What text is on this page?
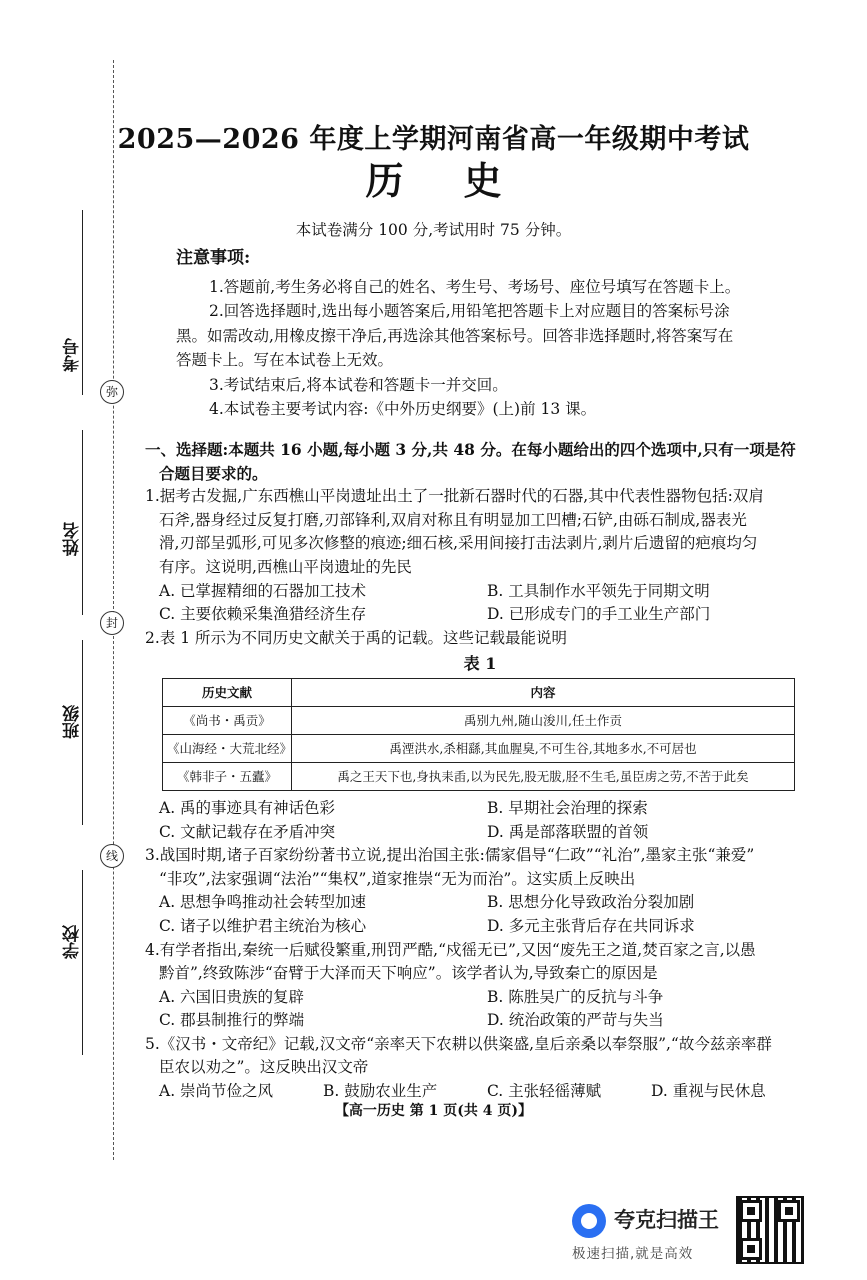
考号
弥
姓名
封
班级
线
学校
2025—2026 年度上学期河南省高一年级期中考试
历史
本试卷满分 100 分,考试用时 75 分钟。
注意事项:

1.答题前,考生务必将自己的姓名、考生号、考场号、座位号填写在答题卡上。

2.回答选择题时,选出每小题答案后,用铅笔把答题卡上对应题目的答案标号涂

黑。如需改动,用橡皮擦干净后,再选涂其他答案标号。回答非选择题时,将答案写在

答题卡上。写在本试卷上无效。

3.考试结束后,将本试卷和答题卡一并交回。

4.本试卷主要考试内容:《中外历史纲要》(上)前 13 课。

一、选择题:本题共 16 小题,每小题 3 分,共 48 分。在每小题给出的四个选项中,只有一项是符

合题目要求的。

1.据考古发掘,广东西樵山平岗遗址出土了一批新石器时代的石器,其中代表性器物包括:双肩

石斧,器身经过反复打磨,刃部锋利,双肩对称且有明显加工凹槽;石铲,由砾石制成,器表光

滑,刃部呈弧形,可见多次修整的痕迹;细石核,采用间接打击法剥片,剥片后遗留的疤痕均匀

有序。这说明,西樵山平岗遗址的先民

A. 已掌握精细的石器加工技术	B. 工具制作水平领先于同期文明
C. 主要依赖采集渔猎经济生存	D. 已形成专门的手工业生产部门

2.表 1 所示为不同历史文献关于禹的记载。这些记载最能说明

表 1
历史文献	内容
《尚书・禹贡》	禹别九州,随山浚川,任土作贡
《山海经・大荒北经》	禹湮洪水,杀相繇,其血腥臭,不可生谷,其地多水,不可居也
《韩非子・五蠹》	禹之王天下也,身执耒臿,以为民先,股无胈,胫不生毛,虽臣虏之劳,不苦于此矣
A. 禹的事迹具有神话色彩	B. 早期社会治理的探索
C. 文献记载存在矛盾冲突	D. 禹是部落联盟的首领

3.战国时期,诸子百家纷纷著书立说,提出治国主张:儒家倡导“仁政”“礼治”,墨家主张“兼爱”

“非攻”,法家强调“法治”“集权”,道家推崇“无为而治”。这实质上反映出

A. 思想争鸣推动社会转型加速	B. 思想分化导致政治分裂加剧
C. 诸子以维护君主统治为核心	D. 多元主张背后存在共同诉求

4.有学者指出,秦统一后赋役繁重,刑罚严酷,“戍徭无已”,又因“废先王之道,焚百家之言,以愚

黔首”,终致陈涉“奋臂于大泽而天下响应”。该学者认为,导致秦亡的原因是

A. 六国旧贵族的复辟	B. 陈胜吴广的反抗与斗争
C. 郡县制推行的弊端	D. 统治政策的严苛与失当

5.《汉书・文帝纪》记载,汉文帝“亲率天下农耕以供粢盛,皇后亲桑以奉祭服”,“故今兹亲率群

臣农以劝之”。这反映出汉文帝

A. 崇尚节俭之风	B. 鼓励农业生产	C. 主张轻徭薄赋	D. 重视与民休息
【高一历史 第 1 页(共 4 页)】
夸克扫描王
极速扫描,就是高效
